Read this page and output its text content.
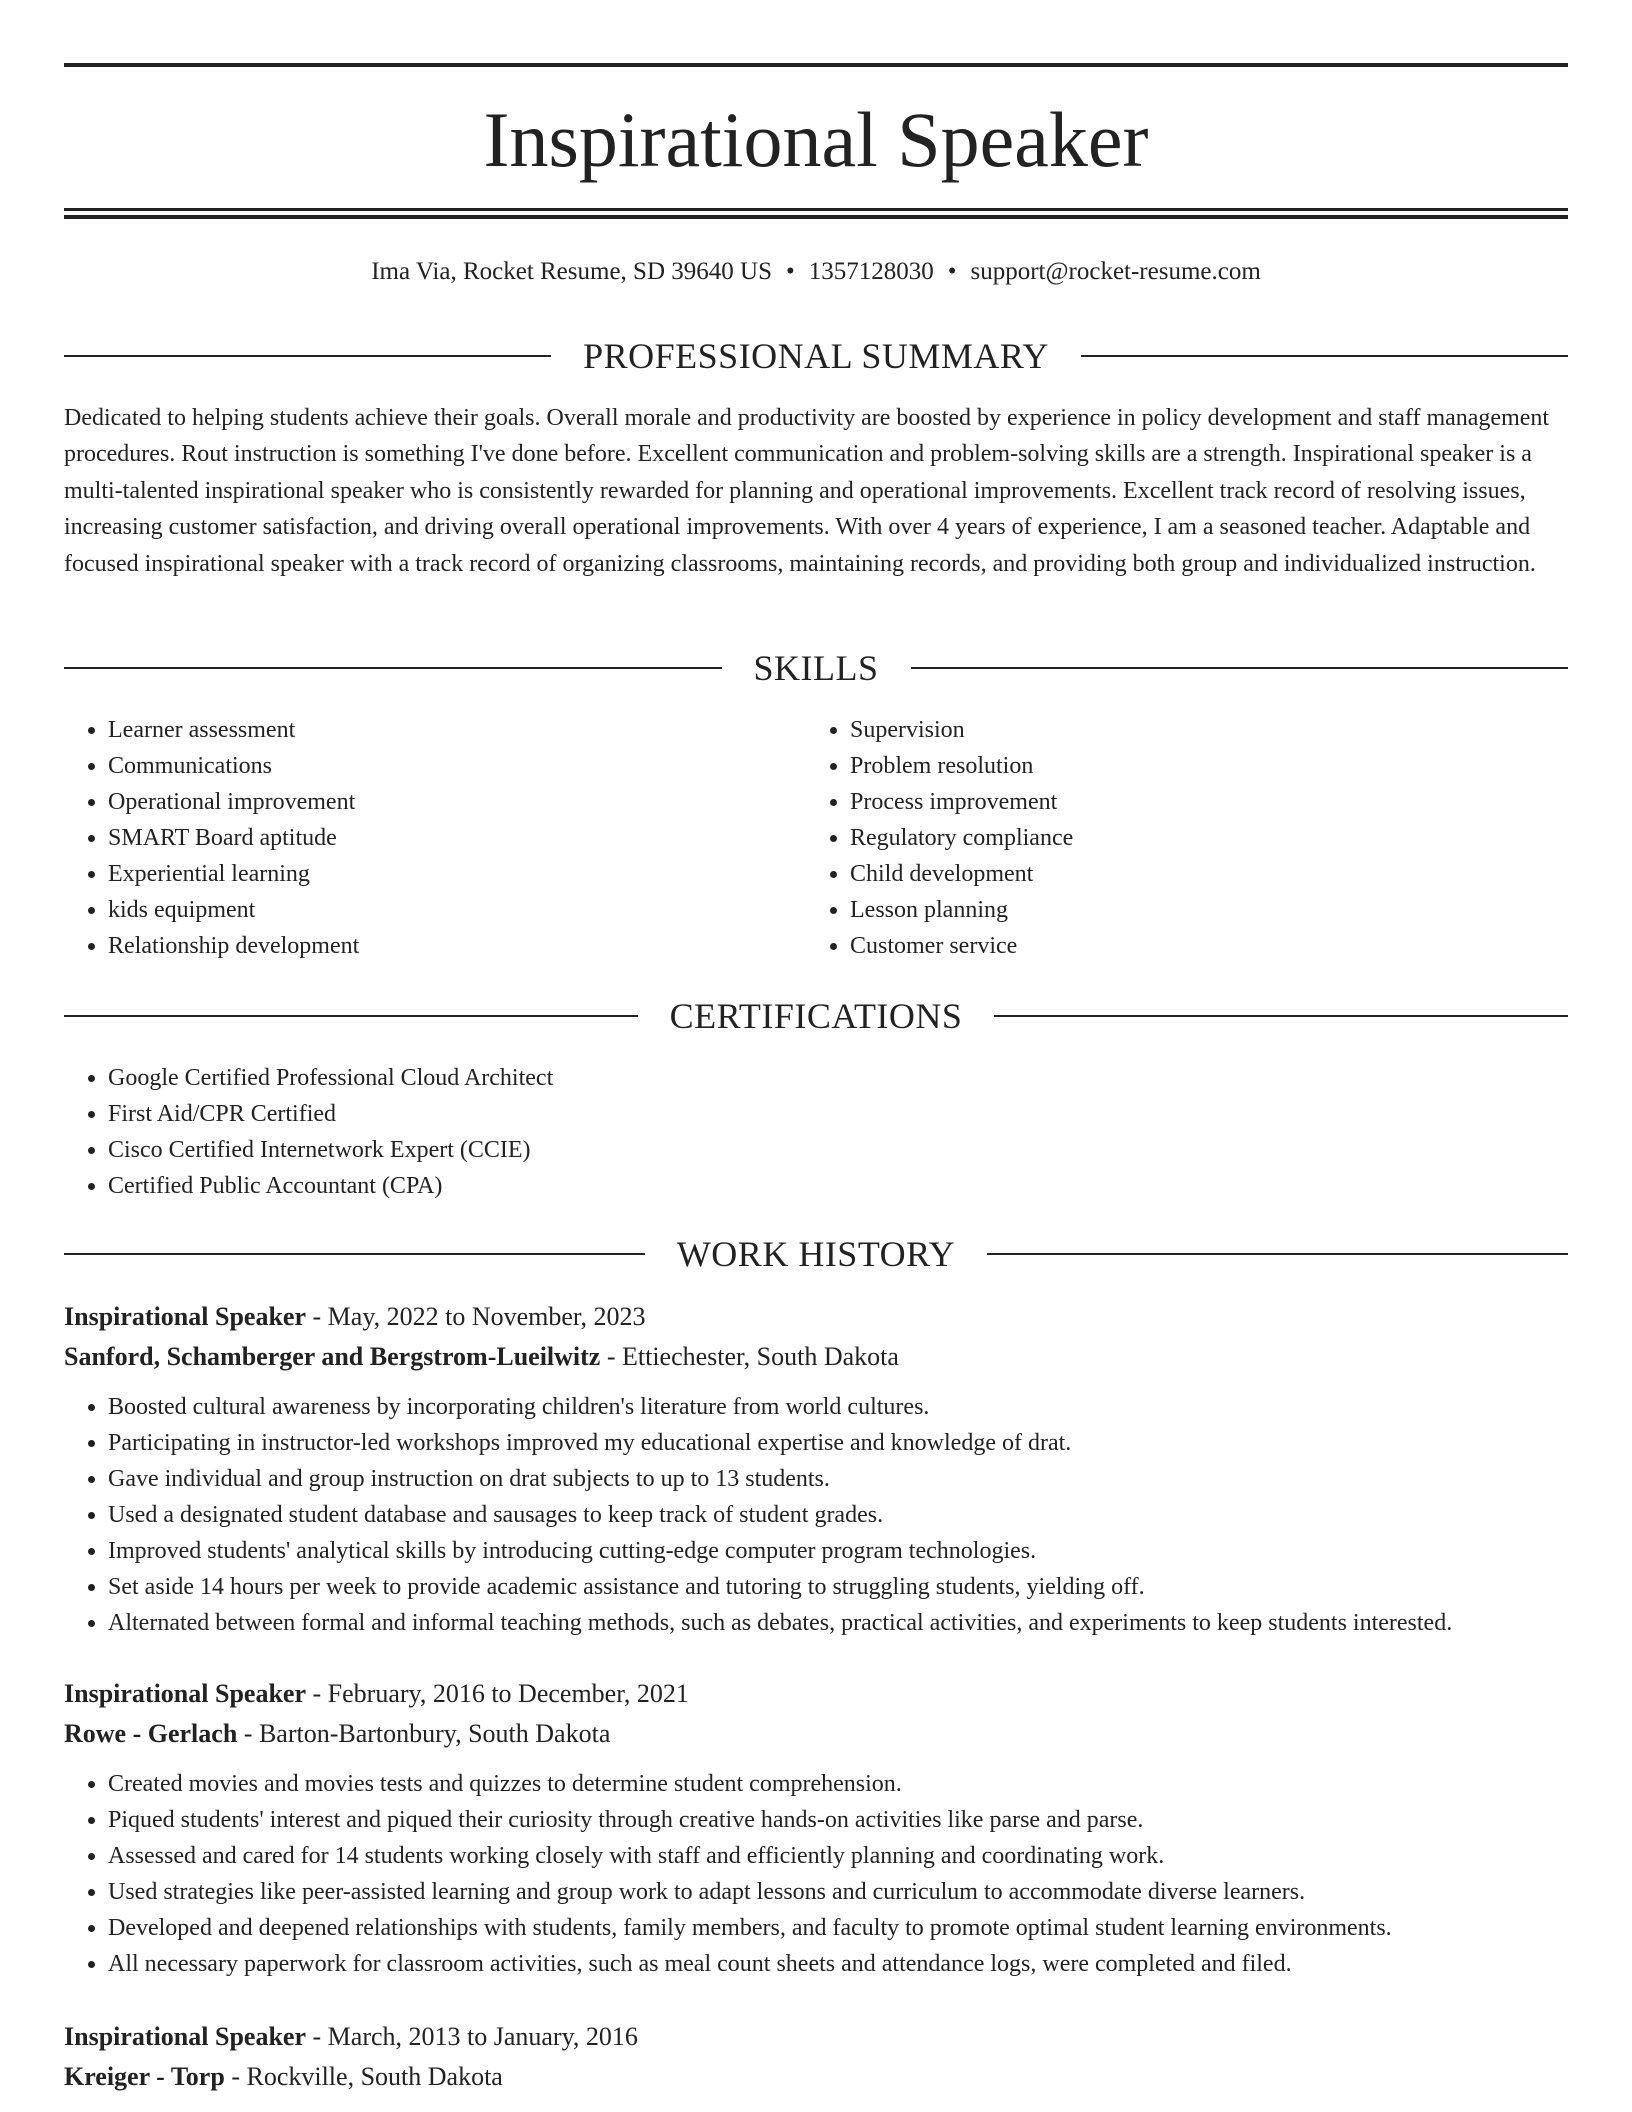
Inspirational Speaker
Ima Via, Rocket Resume, SD 39640 US • 1357128030 • support@rocket-resume.com
PROFESSIONAL SUMMARY

Dedicated to helping students achieve their goals. Overall morale and productivity are boosted by experience in policy development and staff management procedures. Rout instruction is something I've done before. Excellent communication and problem-solving skills are a strength. Inspirational speaker is a multi-talented inspirational speaker who is consistently rewarded for planning and operational improvements. Excellent track record of resolving issues, increasing customer satisfaction, and driving overall operational improvements. With over 4 years of experience, I am a seasoned teacher. Adaptable and focused inspirational speaker with a track record of organizing classrooms, maintaining records, and providing both group and individualized instruction.

SKILLS
• Learner assessment
• Communications
• Operational improvement
• SMART Board aptitude
• Experiential learning
• kids equipment
• Relationship development
• Supervision
• Problem resolution
• Process improvement
• Regulatory compliance
• Child development
• Lesson planning
• Customer service
CERTIFICATIONS
• Google Certified Professional Cloud Architect
• First Aid/CPR Certified
• Cisco Certified Internetwork Expert (CCIE)
• Certified Public Accountant (CPA)
WORK HISTORY
Inspirational Speaker - May, 2022 to November, 2023
Sanford, Schamberger and Bergstrom-Lueilwitz - Ettiechester, South Dakota
• Boosted cultural awareness by incorporating children's literature from world cultures.
• Participating in instructor-led workshops improved my educational expertise and knowledge of drat.
• Gave individual and group instruction on drat subjects to up to 13 students.
• Used a designated student database and sausages to keep track of student grades.
• Improved students' analytical skills by introducing cutting-edge computer program technologies.
• Set aside 14 hours per week to provide academic assistance and tutoring to struggling students, yielding off.
• Alternated between formal and informal teaching methods, such as debates, practical activities, and experiments to keep students interested.
Inspirational Speaker - February, 2016 to December, 2021
Rowe - Gerlach - Barton-Bartonbury, South Dakota
• Created movies and movies tests and quizzes to determine student comprehension.
• Piqued students' interest and piqued their curiosity through creative hands-on activities like parse and parse.
• Assessed and cared for 14 students working closely with staff and efficiently planning and coordinating work.
• Used strategies like peer-assisted learning and group work to adapt lessons and curriculum to accommodate diverse learners.
• Developed and deepened relationships with students, family members, and faculty to promote optimal student learning environments.
• All necessary paperwork for classroom activities, such as meal count sheets and attendance logs, were completed and filed.
Inspirational Speaker - March, 2013 to January, 2016
Kreiger - Torp - Rockville, South Dakota
